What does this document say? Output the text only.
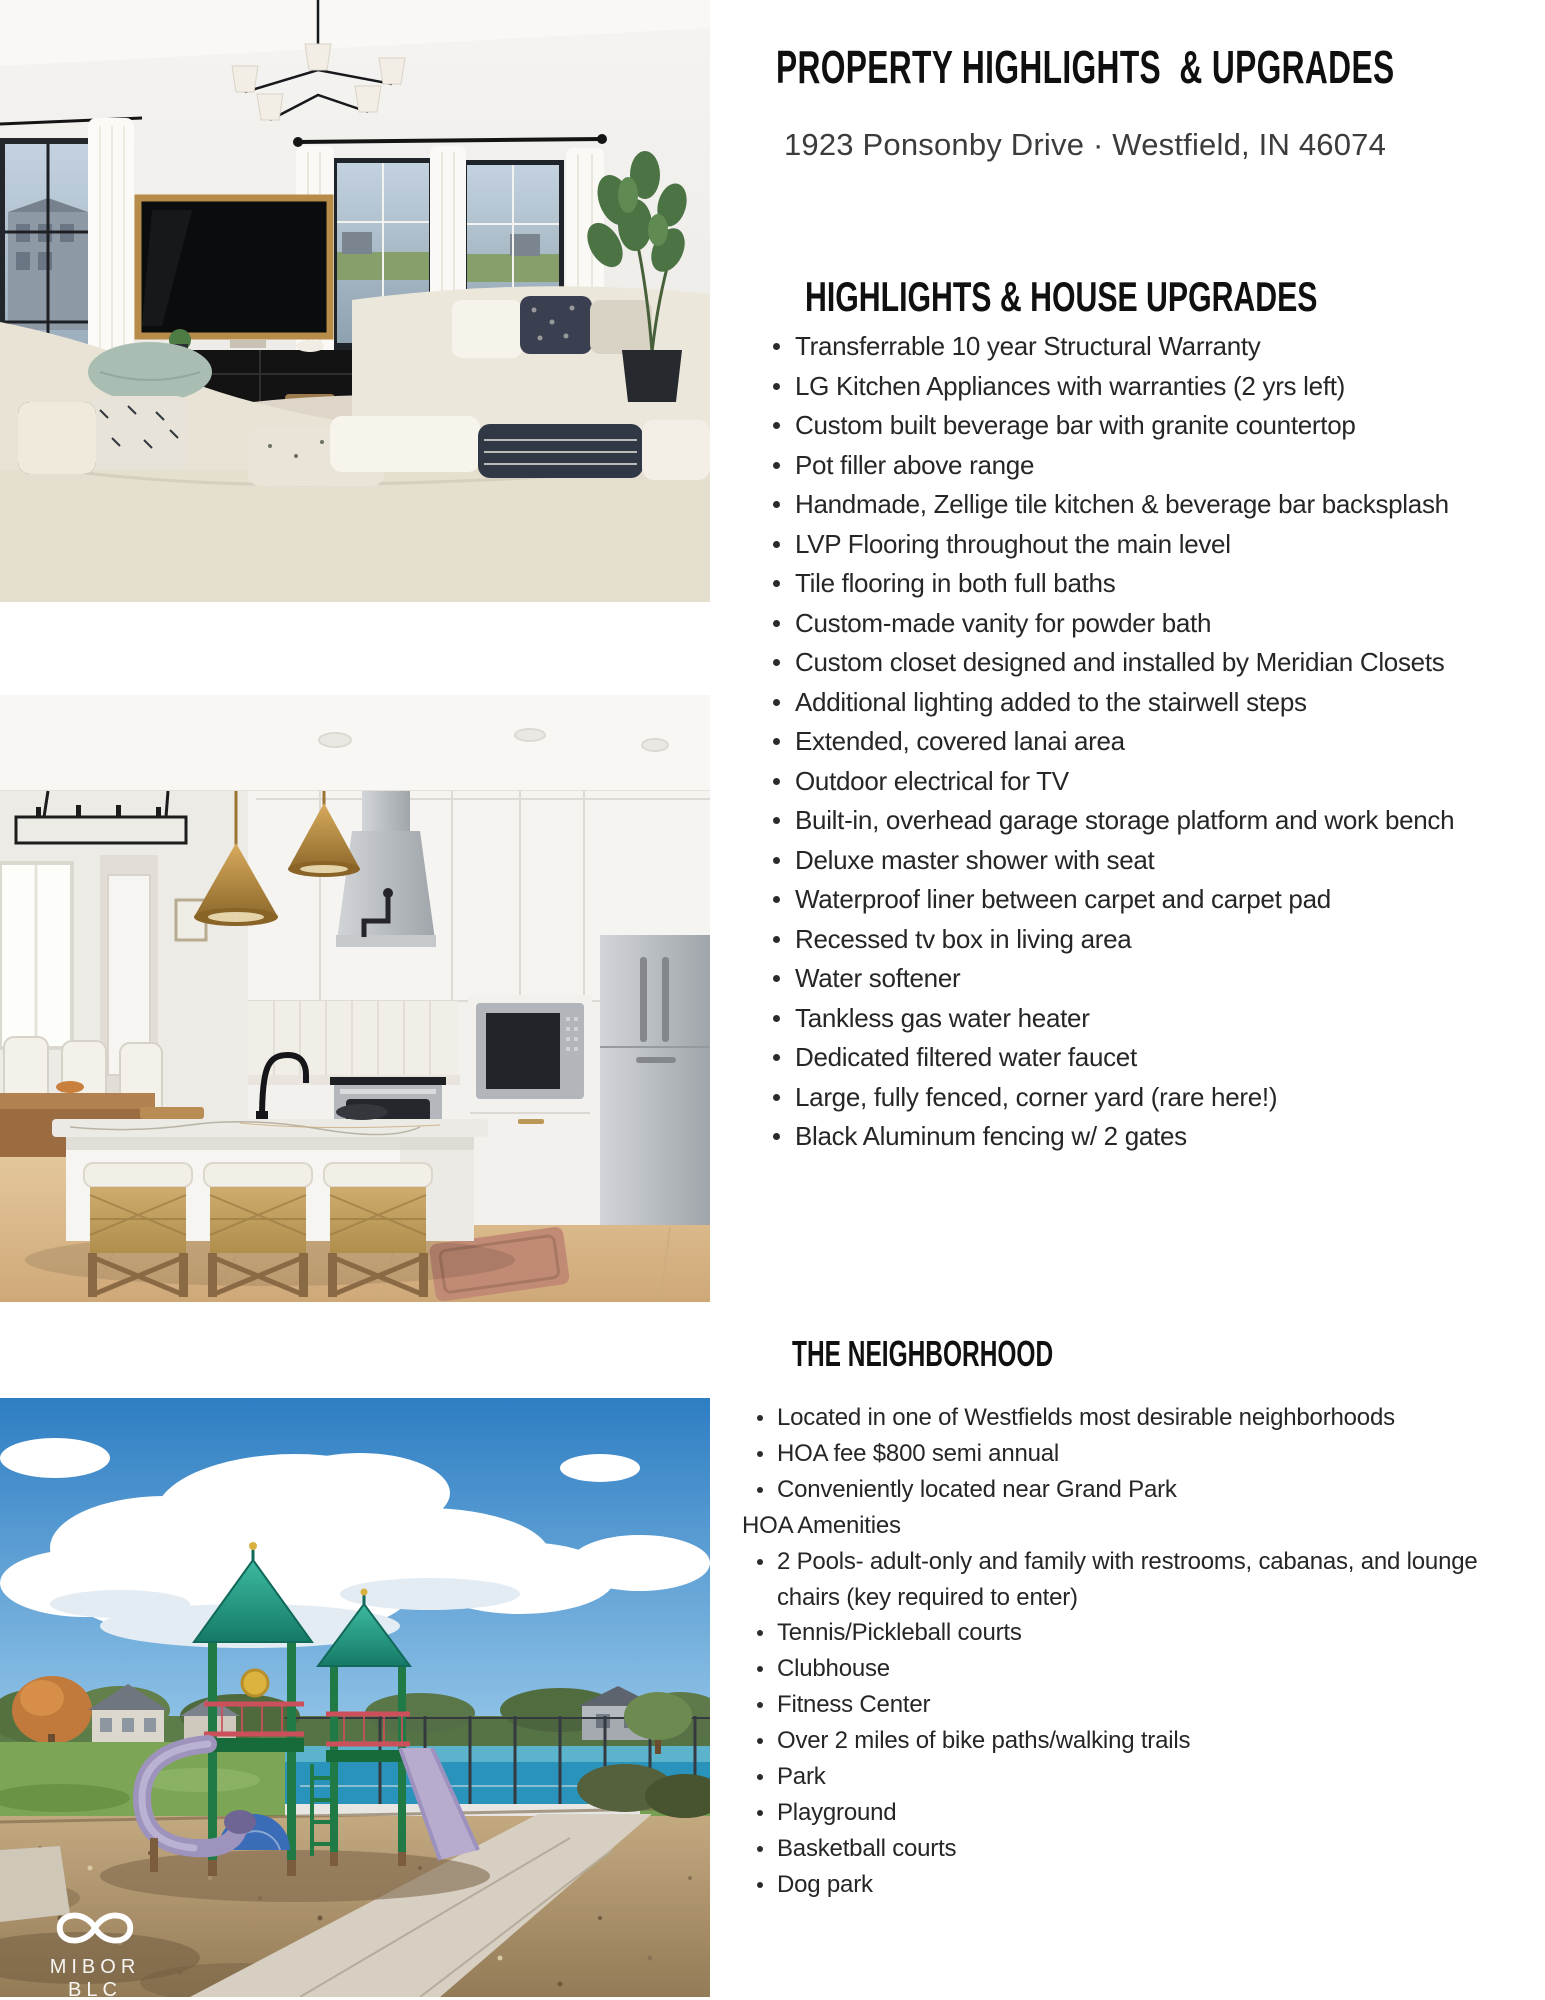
MIBOR BLC
PROPERTY HIGHLIGHTS  & UPGRADES
1923 Ponsonby Drive · Westfield, IN 46074

HIGHLIGHTS & HOUSE UPGRADES

Transferrable 10 year Structural Warranty
LG Kitchen Appliances with warranties (2 yrs left)
Custom built beverage bar with granite countertop
Pot filler above range
Handmade, Zellige tile kitchen & beverage bar backsplash
LVP Flooring throughout the main level
Tile flooring in both full baths
Custom-made vanity for powder bath
Custom closet designed and installed by Meridian Closets
Additional lighting added to the stairwell steps
Extended, covered lanai area
Outdoor electrical for TV
Built-in, overhead garage storage platform and work bench
Deluxe master shower with seat
Waterproof liner between carpet and carpet pad
Recessed tv box in living area
Water softener
Tankless gas water heater
Dedicated filtered water faucet
Large, fully fenced, corner yard (rare here!)
Black Aluminum fencing w/ 2 gates

THE NEIGHBORHOOD

Located in one of Westfields most desirable neighborhoods
HOA fee $800 semi annual
Conveniently located near Grand Park
HOA Amenities
2 Pools- adult-only and family with restrooms, cabanas, and lounge chairs (key required to enter)
Tennis/Pickleball courts
Clubhouse
Fitness Center
Over 2 miles of bike paths/walking trails
Park
Playground
Basketball courts
Dog park
